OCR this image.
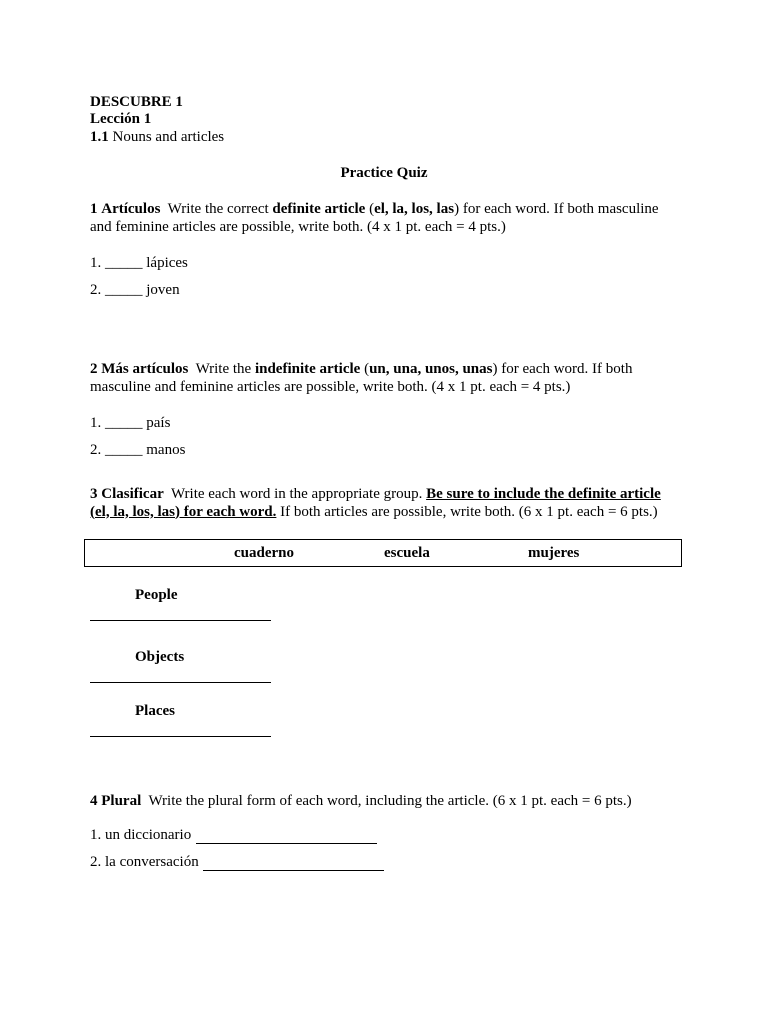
DESCUBRE 1
Lección 1
1.1 Nouns and articles
Practice Quiz
1 Artículos Write the correct definite article (el, la, los, las) for each word. If both masculine
and feminine articles are possible, write both. (4 x 1 pt. each = 4 pts.)
1. _____ lápices
2. _____ joven
2 Más artículos Write the indefinite article (un, una, unos, unas) for each word. If both
masculine and feminine articles are possible, write both. (4 x 1 pt. each = 4 pts.)
1. _____ país
2. _____ manos
3 Clasificar Write each word in the appropriate group. Be sure to include the definite article
(el, la, los, las) for each word. If both articles are possible, write both. (6 x 1 pt. each = 6 pts.)
cuaderno	escuela	mujeres
People
Objects
Places
4 Plural Write the plural form of each word, including the article. (6 x 1 pt. each = 6 pts.)
1. un diccionario
2. la conversación
